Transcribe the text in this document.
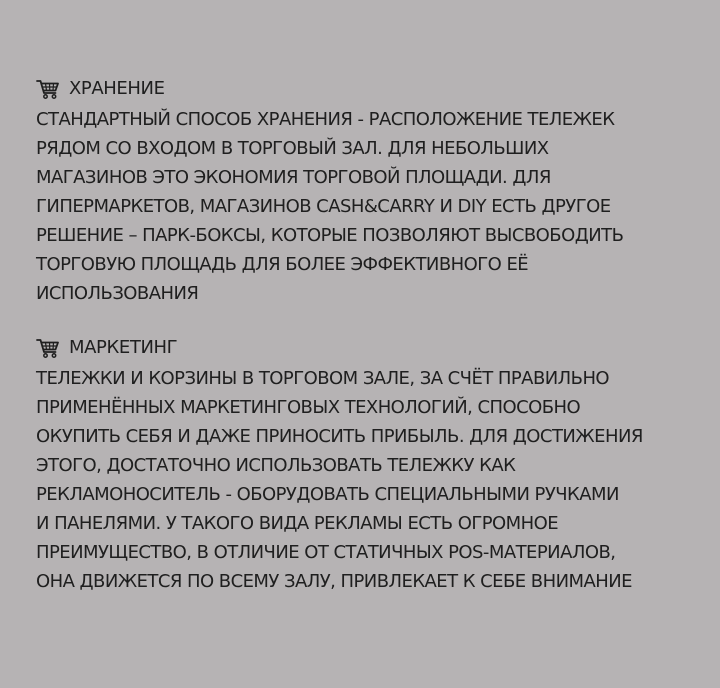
ХРАНЕНИЕ
СТАНДАРТНЫЙ СПОСОБ ХРАНЕНИЯ - РАСПОЛОЖЕНИЕ ТЕЛЕЖЕК
РЯДОМ СО ВХОДОМ В ТОРГОВЫЙ ЗАЛ. ДЛЯ НЕБОЛЬШИХ
МАГАЗИНОВ ЭТО ЭКОНОМИЯ ТОРГОВОЙ ПЛОЩАДИ. ДЛЯ
ГИПЕРМАРКЕТОВ, МАГАЗИНОВ CASH&CARRY И DIY ЕСТЬ ДРУГОЕ
РЕШЕНИЕ – ПАРК-БОКСЫ, КОТОРЫЕ ПОЗВОЛЯЮТ ВЫСВОБОДИТЬ
ТОРГОВУЮ ПЛОЩАДЬ ДЛЯ БОЛЕЕ ЭФФЕКТИВНОГО ЕЁ
ИСПОЛЬЗОВАНИЯ
МАРКЕТИНГ
ТЕЛЕЖКИ И КОРЗИНЫ В ТОРГОВОМ ЗАЛЕ, ЗА СЧЁТ ПРАВИЛЬНО
ПРИМЕНЁННЫХ МАРКЕТИНГОВЫХ ТЕХНОЛОГИЙ, СПОСОБНО
ОКУПИТЬ СЕБЯ И ДАЖЕ ПРИНОСИТЬ ПРИБЫЛЬ. ДЛЯ ДОСТИЖЕНИЯ
ЭТОГО, ДОСТАТОЧНО ИСПОЛЬЗОВАТЬ ТЕЛЕЖКУ КАК
РЕКЛАМОНОСИТЕЛЬ - ОБОРУДОВАТЬ СПЕЦИАЛЬНЫМИ РУЧКАМИ
И ПАНЕЛЯМИ. У ТАКОГО ВИДА РЕКЛАМЫ ЕСТЬ ОГРОМНОЕ
ПРЕИМУЩЕСТВО, В ОТЛИЧИЕ ОТ СТАТИЧНЫХ POS-МАТЕРИАЛОВ,
ОНА ДВИЖЕТСЯ ПО ВСЕМУ ЗАЛУ, ПРИВЛЕКАЕТ К СЕБЕ ВНИМАНИЕ
